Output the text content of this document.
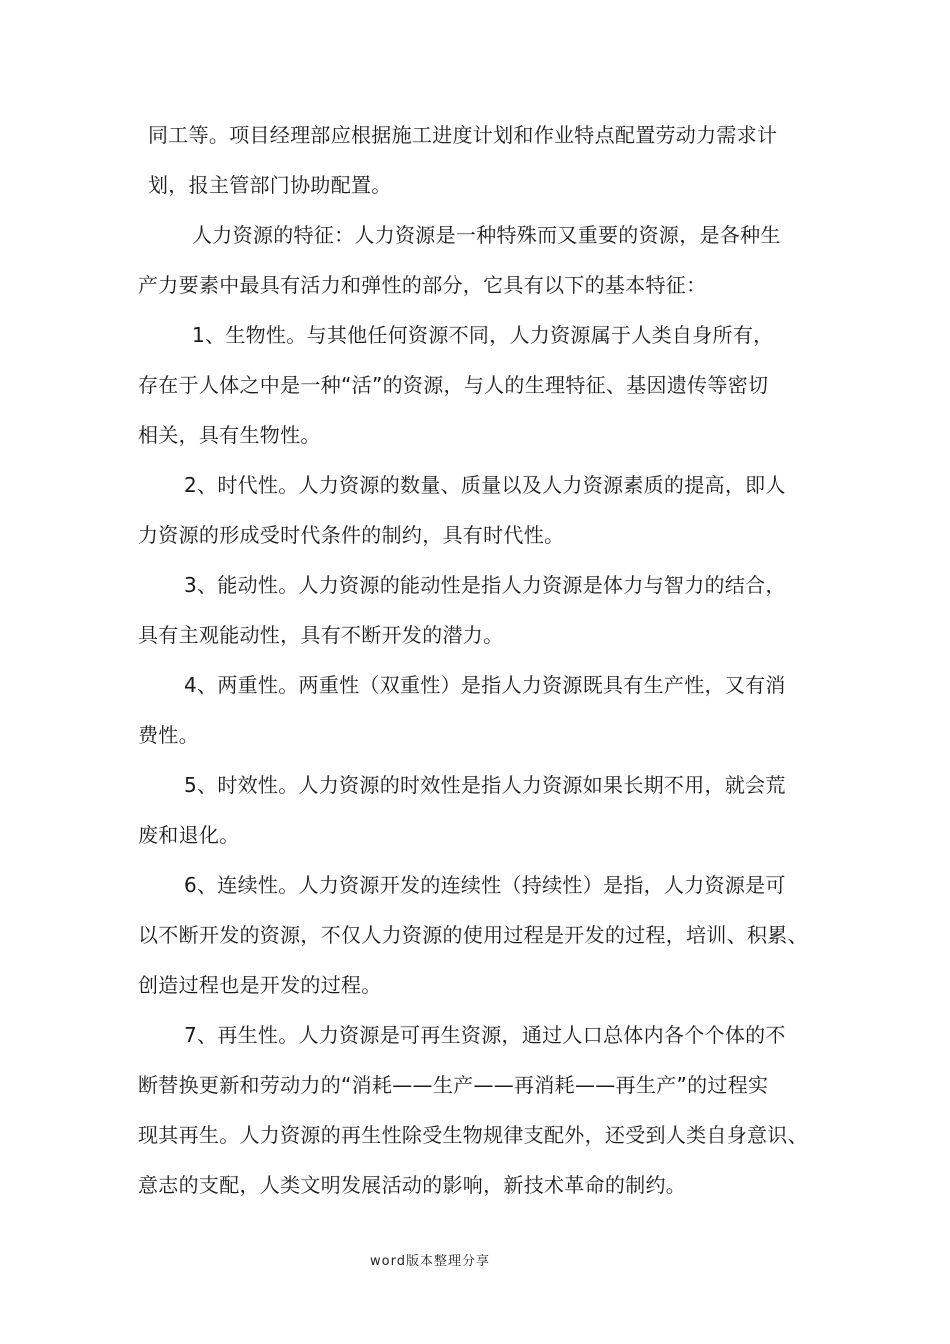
同工等。项目经理部应根据施工进度计划和作业特点配置劳动力需求计
划，报主管部门协助配置。
人力资源的特征：人力资源是一种特殊而又重要的资源，是各种生
产力要素中最具有活力和弹性的部分，它具有以下的基本特征：
1、生物性。与其他任何资源不同，人力资源属于人类自身所有，
存在于人体之中是一种“活”的资源，与人的生理特征、基因遗传等密切
相关，具有生物性。
2、时代性。人力资源的数量、质量以及人力资源素质的提高，即人
力资源的形成受时代条件的制约，具有时代性。
3、能动性。人力资源的能动性是指人力资源是体力与智力的结合，
具有主观能动性，具有不断开发的潜力。
4、两重性。两重性（双重性）是指人力资源既具有生产性，又有消
费性。
5、时效性。人力资源的时效性是指人力资源如果长期不用，就会荒
废和退化。
6、连续性。人力资源开发的连续性（持续性）是指，人力资源是可
以不断开发的资源，不仅人力资源的使用过程是开发的过程，培训、积累、
创造过程也是开发的过程。
7、再生性。人力资源是可再生资源，通过人口总体内各个个体的不
断替换更新和劳动力的“消耗——生产——再消耗——再生产”的过程实
现其再生。人力资源的再生性除受生物规律支配外，还受到人类自身意识、
意志的支配，人类文明发展活动的影响，新技术革命的制约。
word版本整理分享
